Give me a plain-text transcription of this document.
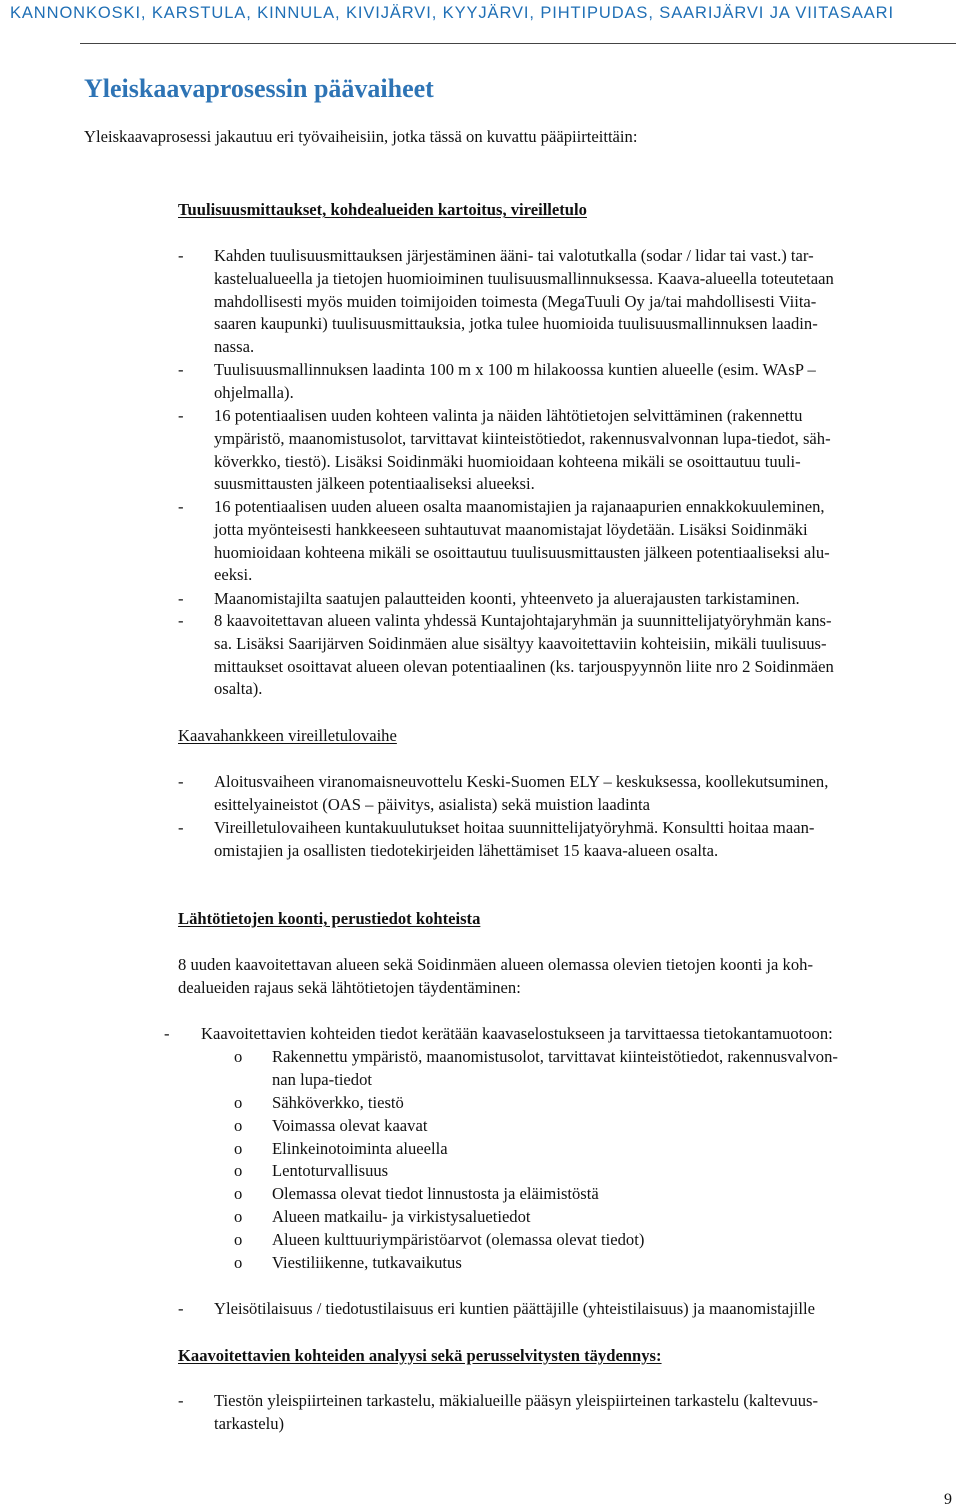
KANNONKOSKI, KARSTULA, KINNULA, KIVIJÄRVI, KYYJÄRVI, PIHTIPUDAS, SAARIJÄRVI JA VIITASAARI
Yleiskaavaprosessin päävaiheet
Yleiskaavaprosessi jakautuu eri työvaiheisiin, jotka tässä on kuvattu pääpiirteittäin:
Tuulisuusmittaukset, kohdealueiden kartoitus, vireilletulo
- Kahden tuulisuusmittauksen järjestäminen ääni- tai valotutkalla (sodar / lidar tai vast.) tar-
kastelualueella ja tietojen huomioiminen tuulisuusmallinnuksessa. Kaava-alueella toteutetaan
mahdollisesti myös muiden toimijoiden toimesta (MegaTuuli Oy ja/tai mahdollisesti Viita-
saaren kaupunki) tuulisuusmittauksia, jotka tulee huomioida tuulisuusmallinnuksen laadin-
nassa.
- Tuulisuusmallinnuksen laadinta 100 m x 100 m hilakoossa kuntien alueelle (esim. WAsP –
ohjelmalla).
- 16 potentiaalisen uuden kohteen valinta ja näiden lähtötietojen selvittäminen (rakennettu
ympäristö, maanomistusolot, tarvittavat kiinteistötiedot, rakennusvalvonnan lupa-tiedot, säh-
köverkko, tiestö). Lisäksi Soidinmäki huomioidaan kohteena mikäli se osoittautuu tuuli-
suusmittausten jälkeen potentiaaliseksi alueeksi.
- 16 potentiaalisen uuden alueen osalta maanomistajien ja rajanaapurien ennakkokuuleminen,
jotta myönteisesti hankkeeseen suhtautuvat maanomistajat löydetään. Lisäksi Soidinmäki
huomioidaan kohteena mikäli se osoittautuu tuulisuusmittausten jälkeen potentiaaliseksi alu-
eeksi.
- Maanomistajilta saatujen palautteiden koonti, yhteenveto ja aluerajausten tarkistaminen.
- 8 kaavoitettavan alueen valinta yhdessä Kuntajohtajaryhmän ja suunnittelijatyöryhmän kans-
sa. Lisäksi Saarijärven Soidinmäen alue sisältyy kaavoitettaviin kohteisiin, mikäli tuulisuus-
mittaukset osoittavat alueen olevan potentiaalinen (ks. tarjouspyynnön liite nro 2 Soidinmäen
osalta).
Kaavahankkeen vireilletulovaihe
- Aloitusvaiheen viranomaisneuvottelu Keski-Suomen ELY – keskuksessa, koollekutsuminen,
esittelyaineistot (OAS – päivitys, asialista) sekä muistion laadinta
- Vireilletulovaiheen kuntakuulutukset hoitaa suunnittelijatyöryhmä. Konsultti hoitaa maan-
omistajien ja osallisten tiedotekirjeiden lähettämiset 15 kaava-alueen osalta.
Lähtötietojen koonti, perustiedot kohteista
8 uuden kaavoitettavan alueen sekä Soidinmäen alueen olemassa olevien tietojen koonti ja koh-
dealueiden rajaus sekä lähtötietojen täydentäminen:
- Kaavoitettavien kohteiden tiedot kerätään kaavaselostukseen ja tarvittaessa tietokantamuotoon:
o Rakennettu ympäristö, maanomistusolot, tarvittavat kiinteistötiedot, rakennusvalvon-
nan lupa-tiedot
o Sähköverkko, tiestö
o Voimassa olevat kaavat
o Elinkeinotoiminta alueella
o Lentoturvallisuus
o Olemassa olevat tiedot linnustosta ja eläimistöstä
o Alueen matkailu- ja virkistysaluetiedot
o Alueen kulttuuriympäristöarvot (olemassa olevat tiedot)
o Viestiliikenne, tutkavaikutus
- Yleisötilaisuus / tiedotustilaisuus eri kuntien päättäjille (yhteistilaisuus) ja maanomistajille
Kaavoitettavien kohteiden analyysi sekä perusselvitysten täydennys:
- Tiestön yleispiirteinen tarkastelu, mäkialueille pääsyn yleispiirteinen tarkastelu (kaltevuus-
tarkastelu)
9
